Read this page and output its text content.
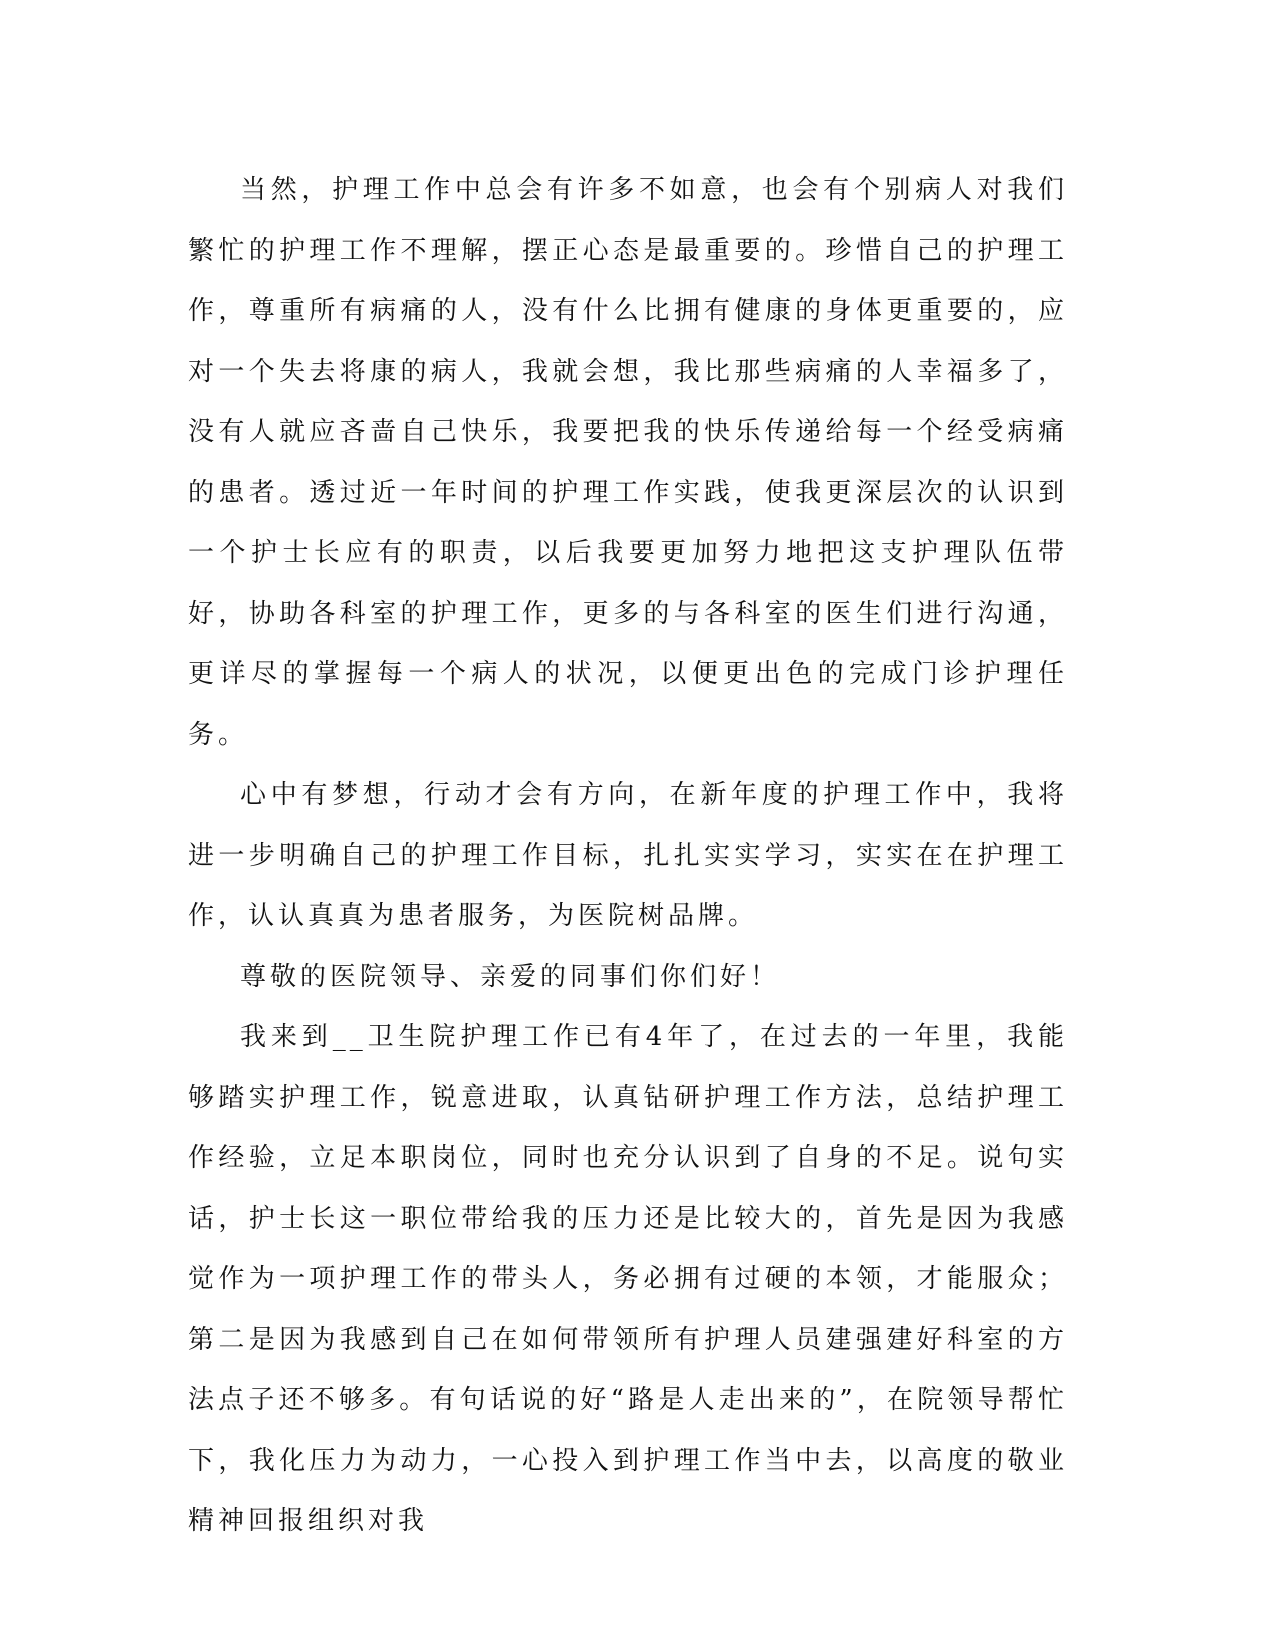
当然，护理工作中总会有许多不如意，也会有个别病人对我们繁忙的护理工作不理解，摆正心态是最重要的。珍惜自己的护理工作，尊重所有病痛的人，没有什么比拥有健康的身体更重要的，应对一个失去将康的病人，我就会想，我比那些病痛的人幸福多了，没有人就应吝啬自己快乐，我要把我的快乐传递给每一个经受病痛的患者。透过近一年时间的护理工作实践，使我更深层次的认识到一个护士长应有的职责，以后我要更加努力地把这支护理队伍带好，协助各科室的护理工作，更多的与各科室的医生们进行沟通，更详尽的掌握每一个病人的状况，以便更出色的完成门诊护理任务。

心中有梦想，行动才会有方向，在新年度的护理工作中，我将进一步明确自己的护理工作目标，扎扎实实学习，实实在在护理工作，认认真真为患者服务，为医院树品牌。

尊敬的医院领导、亲爱的同事们你们好！

我来到__卫生院护理工作已有4年了，在过去的一年里，我能够踏实护理工作，锐意进取，认真钻研护理工作方法，总结护理工作经验，立足本职岗位，同时也充分认识到了自身的不足。说句实话，护士长这一职位带给我的压力还是比较大的，首先是因为我感觉作为一项护理工作的带头人，务必拥有过硬的本领，才能服众；第二是因为我感到自己在如何带领所有护理人员建强建好科室的方法点子还不够多。有句话说的好“路是人走出来的”，在院领导帮忙下，我化压力为动力，一心投入到护理工作当中去，以高度的敬业精神回报组织对我
